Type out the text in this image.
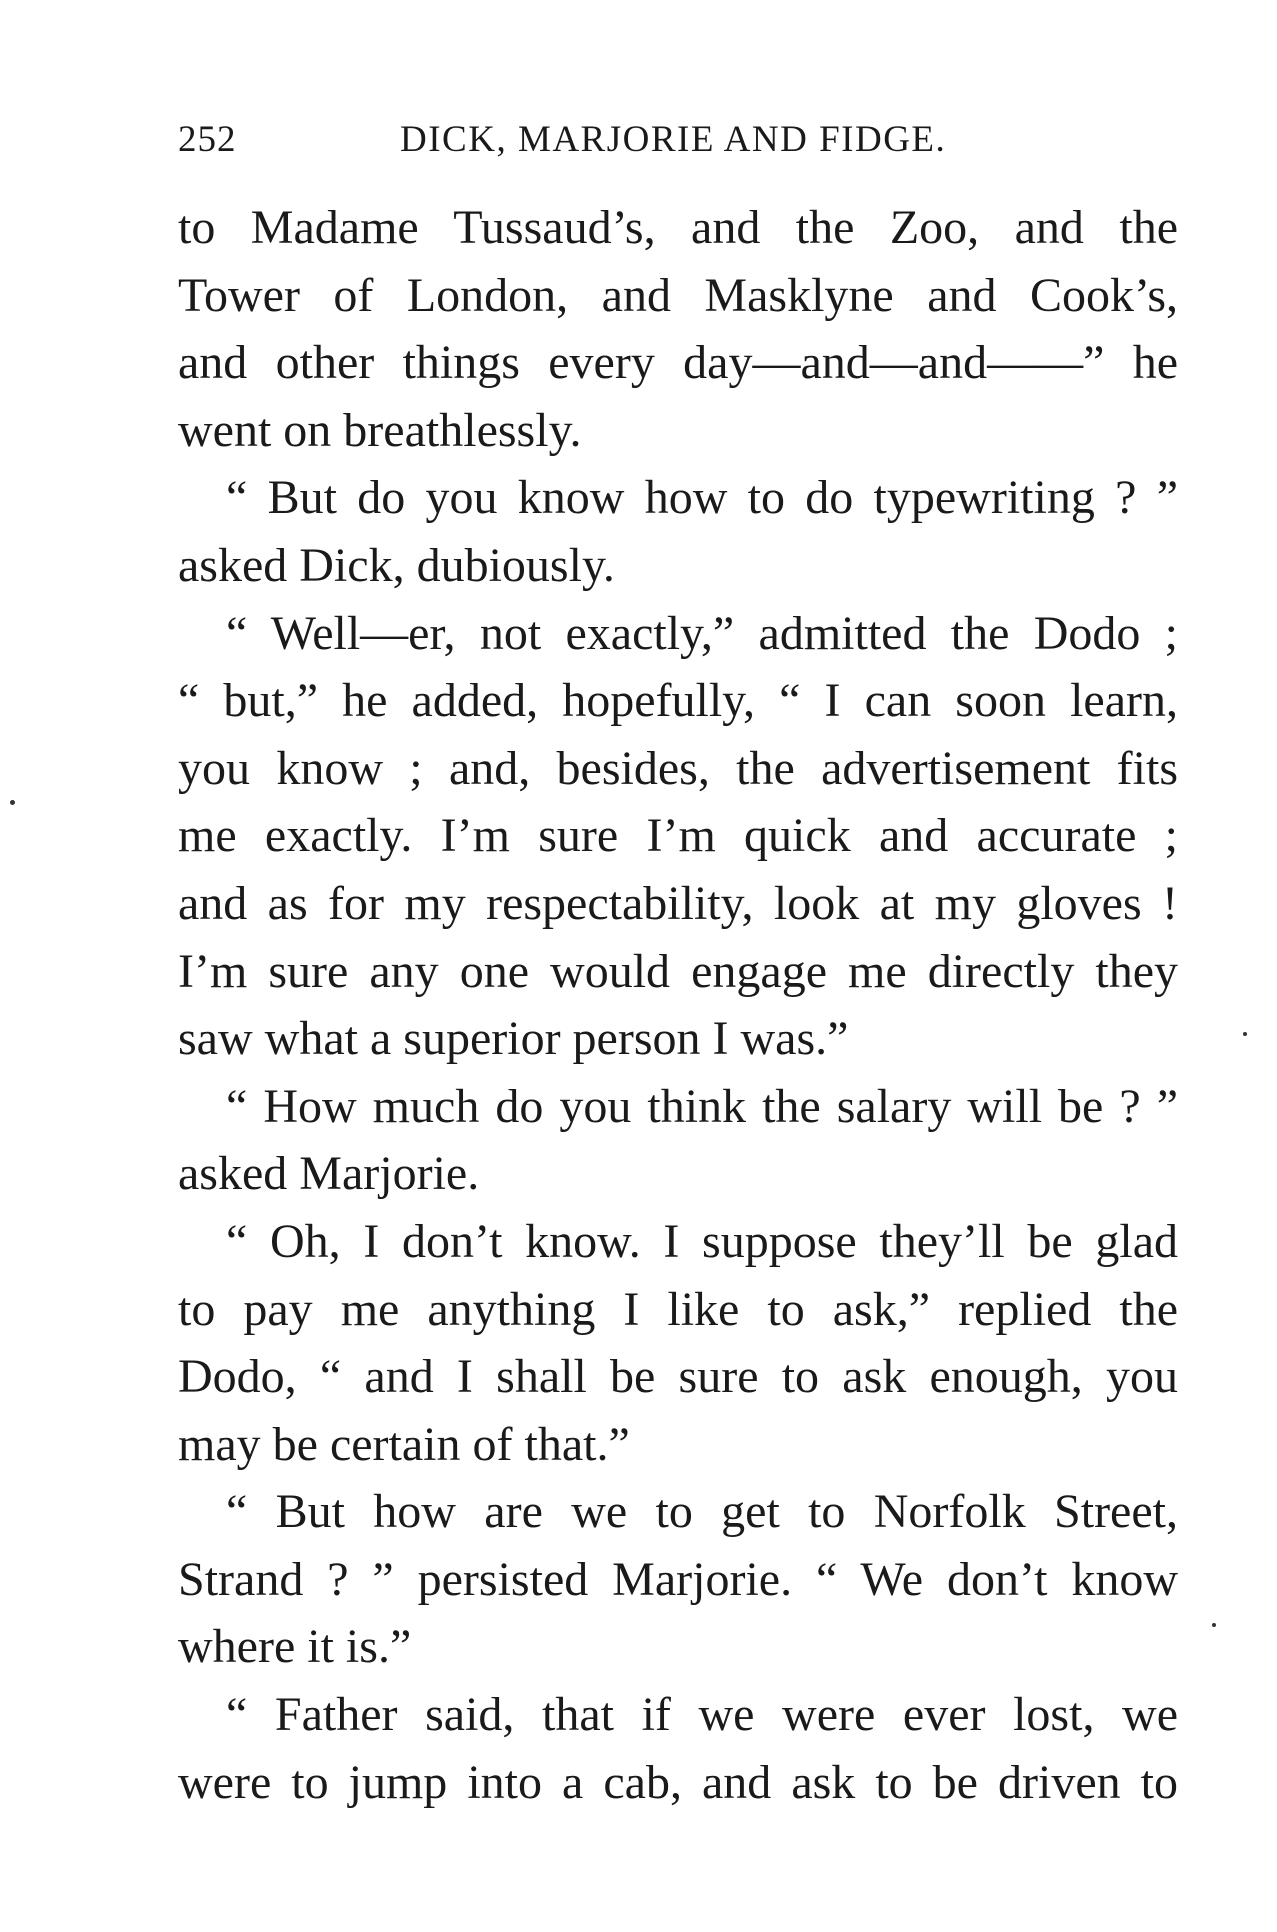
252	DICK, MARJORIE AND FIDGE.
to Madame Tussaud’s, and the Zoo, and the
Tower of London, and Masklyne and Cook’s,
and other things every day—and—and——” he
went on breathlessly.
“ But do you know how to do typewriting ? ”
asked Dick, dubiously.
“ Well—er, not exactly,” admitted the Dodo ;
“ but,” he added, hopefully, “ I can soon learn,
you know ; and, besides, the advertisement fits
me exactly. I’m sure I’m quick and accurate ;
and as for my respectability, look at my gloves !
I’m sure any one would engage me directly they
saw what a superior person I was.”
“ How much do you think the salary will be ? ”
asked Marjorie.
“ Oh, I don’t know. I suppose they’ll be glad
to pay me anything I like to ask,” replied the
Dodo, “ and I shall be sure to ask enough, you
may be certain of that.”
“ But how are we to get to Norfolk Street,
Strand ? ” persisted Marjorie. “ We don’t know
where it is.”
“ Father said, that if we were ever lost, we
were to jump into a cab, and ask to be driven to
